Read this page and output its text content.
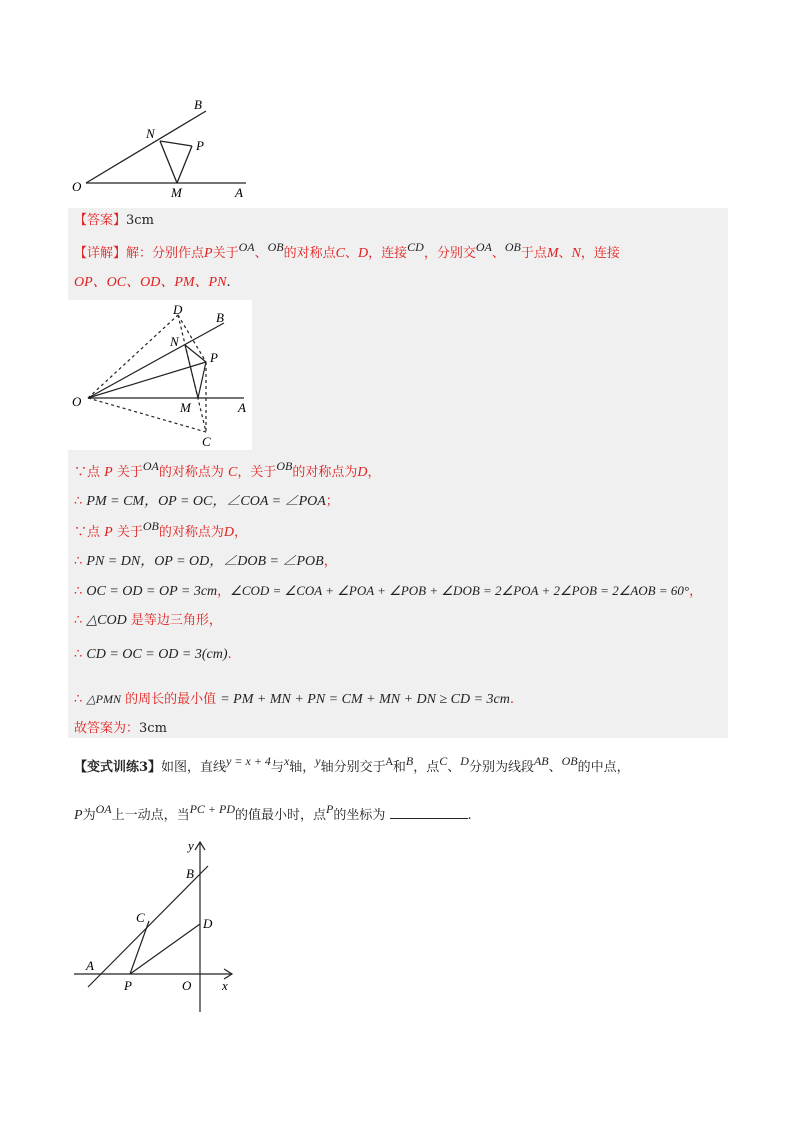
B
N
P
O	M	A
【答案】3cm
【详解】解：分别作点P关于OA、OB的对称点C、D，连接CD，分别交OA、OB于点M、N，连接
OP、OC、OD、PM、PN.
D
B
N
P
O	M	A
C
∵点 P 关于OA的对称点为 C，关于OB的对称点为D，
∴ PM = CM，OP = OC，∠COA = ∠POA；
∵点 P 关于OB的对称点为D，
∴ PN = DN，OP = OD，∠DOB = ∠POB，
∴ OC = OD = OP = 3cm，∠COD = ∠COA + ∠POA + ∠POB + ∠DOB = 2∠POA + 2∠POB = 2∠AOB = 60°，
∴ △COD 是等边三角形，
∴ CD = OC = OD = 3(cm).
∴ △PMN 的周长的最小值 = PM + MN + PN = CM + MN + DN ≥ CD = 3cm.
故答案为：3cm
【变式训练3】如图，直线y = x + 4与x轴，y轴分别交于$^A$和B，点C、D分别为线段AB、OB的中点，
P为OA上一动点，当PC + PD的值最小时，点P的坐标为	.
y
B
C	D
A
P	O x
